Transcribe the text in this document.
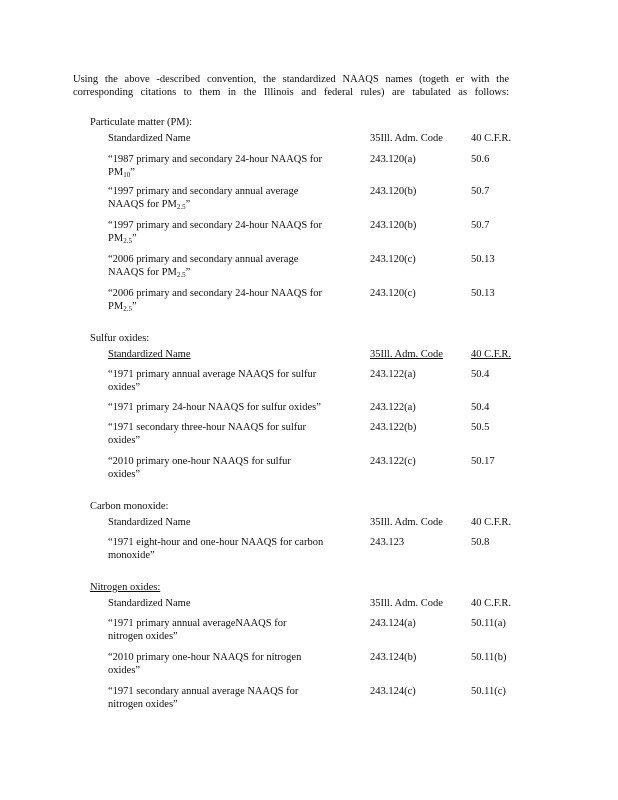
Using the above -described convention, the standardized NAAQS names (togeth er with the
corresponding citations to them in the Illinois and federal rules) are tabulated as follows:
Particulate matter (PM):
Standardized Name	35Ill. Adm. Code	40 C.F.R.
“1987 primary and secondary 24-hour NAAQS for
$PM_{10}$”
243.120(a)	50.6
“1997 primary and secondary annual average
NAAQS for $PM_{2.5}$”
243.120(b)	50.7
“1997 primary and secondary 24-hour NAAQS for
$PM_{2.5}$”
243.120(b)	50.7
“2006 primary and secondary annual average
NAAQS for $PM_{2.5}$”
243.120(c)	50.13
“2006 primary and secondary 24-hour NAAQS for
$PM_{2.5}$”
243.120(c)	50.13
Sulfur oxides:
Standardized Name	35Ill. Adm. Code	40 C.F.R.
“1971 primary annual average NAAQS for sulfur
oxides”
243.122(a)	50.4
“1971 primary 24-hour NAAQS for sulfur oxides”	243.122(a)	50.4
“1971 secondary three-hour NAAQS for sulfur
oxides”
243.122(b)	50.5
“2010 primary one-hour NAAQS for sulfur
oxides”
243.122(c)	50.17
Carbon monoxide:
Standardized Name	35Ill. Adm. Code	40 C.F.R.
“1971 eight-hour and one-hour NAAQS for carbon
monoxide”
243.123	50.8
Nitrogen oxides:
Standardized Name	35Ill. Adm. Code	40 C.F.R.
“1971 primary annual averageNAAQS for
nitrogen oxides”
243.124(a)	50.11(a)
“2010 primary one-hour NAAQS for nitrogen
oxides”
243.124(b)	50.11(b)
“1971 secondary annual average NAAQS for
nitrogen oxides”
243.124(c)	50.11(c)
